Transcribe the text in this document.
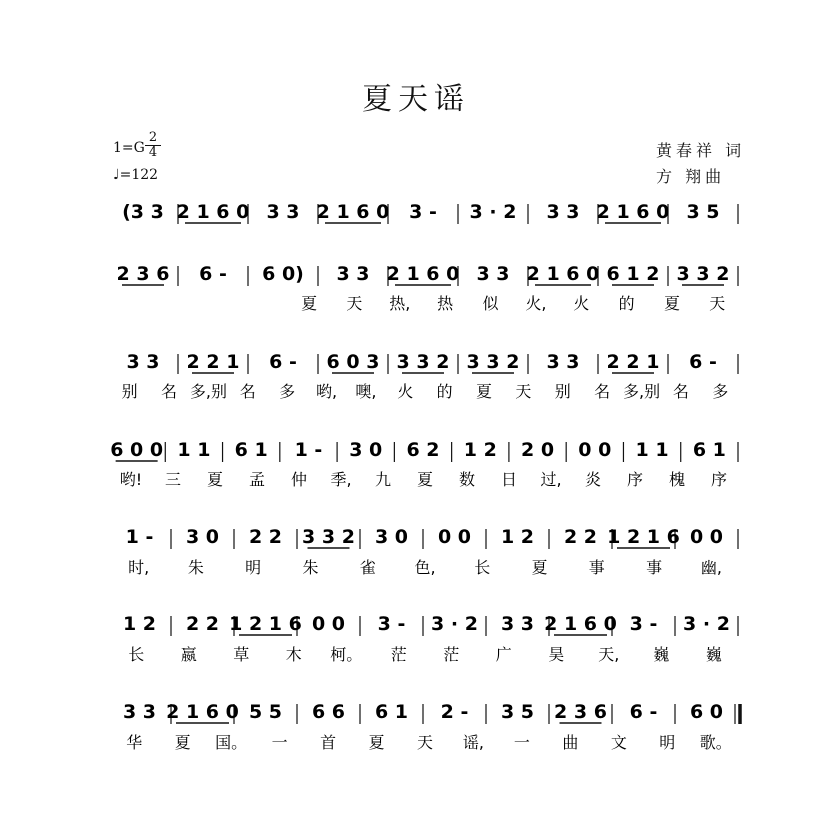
夏天谣
1=G
2
4
♩=122
黄春祥 词
方 翔曲
(3 3 2 1 6 0 3 3 2 1 6 0 3 - 3 · 2 3 3 2 1 6 0 3 5
2 3 6 6 - 6 0) 3 3 2 1 6 0 3 3 2 1 6 0 6 1 2 3 3 2
夏 天 热, 热 似 火, 火 的 夏 天
3 3 2 2 1 6 - 6 0 3 3 3 2 3 3 2 3 3 2 2 1 6 -
别 名 多,别 名 多 哟, 噢, 火 的 夏 天 别 名 多,别 名 多
6 0 0 1 1 6 1 1 - 3 0 6 2 1 2 2 0 0 0 1 1 6 1
哟! 三 夏 孟 仲 季, 九 夏 数 日 过, 炎 序 槐 序
1 - 3 0 2 2 3 3 2 3 0 0 0 1 2 2 2 1 2 1 6 0 0
时, 朱	明	朱	雀 色, 长	夏	事	事 幽,
1 2 2 2 1 2 1 6 0 0 3 - 3 · 2 3 3 2 1 6 0 3 - 3 · 2
长 嬴 草 木 柯。 茫 茫 广 昊 天, 巍 巍
3 3 2 1 6 0 5 5 6 6 6 1 2 - 3 5 2 3 6 6 - 6 0
华 夏 国。 一 首 夏 天 谣, 一 曲 文 明 歌。
